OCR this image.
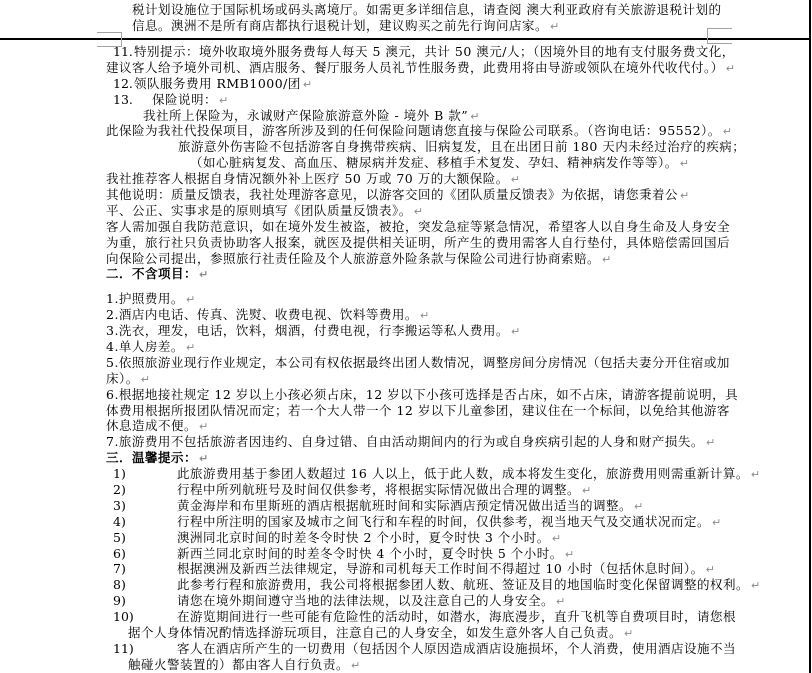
税计划设施位于国际机场或码头离境厅。如需更多详细信息，请查阅 澳大利亚政府有关旅游退税计划的
信息。澳洲不是所有商店都执行退税计划，建议购买之前先行询问店家。 ↵
11.特别提示：境外收取境外服务费每人每天 5 澳元，共计 50 澳元/人；（因境外目的地有支付服务费文化，
建议客人给予境外司机、酒店服务、餐厅服务人员礼节性服务费，此费用将由导游或领队在境外代收代付。） ↵
12.领队服务费用 RMB1000/团 ↵
13. 保险说明： ↵
我社所上保险为，永诚财产保险旅游意外险 - 境外 B 款” ↵
此保险为我社代投保项目，游客所涉及到的任何保险问题请您直接与保险公司联系。（咨询电话：95552）。 ↵
旅游意外伤害险不包括游客自身携带疾病、旧病复发，且在出团日前 180 天内未经过治疗的疾病；
（如心脏病复发、高血压、糖尿病并发症、移植手术复发、孕妇、精神病发作等等）。 ↵
我社推荐客人根据自身情况额外补上医疗 50 万或 70 万的大额保险。 ↵
其他说明：质量反馈表，我社处理游客意见，以游客交回的《团队质量反馈表》为依据，请您秉着公 ↵
平、公正、实事求是的原则填写《团队质量反馈表》。 ↵
客人需加强自我防范意识，如在境外发生被盗，被抢，突发急症等紧急情况，希望客人以自身生命及人身安全
为重，旅行社只负责协助客人报案，就医及提供相关证明，所产生的费用需客人自行垫付，具体赔偿需回国后
向保险公司提出，参照旅行社责任险及个人旅游意外险条款与保险公司进行协商索赔。 ↵
二．不含项目： ↵
1.护照费用。 ↵
2.酒店内电话、传真、洗熨、收费电视、饮料等费用。 ↵
3.洗衣，理发，电话，饮料，烟酒，付费电视，行李搬运等私人费用。 ↵
4.单人房差。 ↵
5.依照旅游业现行作业规定，本公司有权依据最终出团人数情况，调整房间分房情况（包括夫妻分开住宿或加
床）。 ↵
6.根据地接社规定 12 岁以上小孩必须占床，12 岁以下小孩可选择是否占床，如不占床，请游客提前说明，具
体费用根据所报团队情况而定；若一个大人带一个 12 岁以下儿童参团，建议住在一个标间，以免给其他游客
休息造成不便。 ↵
7.旅游费用不包括旅游者因违约、自身过错、自由活动期间内的行为或自身疾病引起的人身和财产损失。 ↵
三．温馨提示： ↵
1)	此旅游费用基于参团人数超过 16 人以上，低于此人数，成本将发生变化，旅游费用则需重新计算。 ↵
2)	行程中所列航班号及时间仅供参考，将根据实际情况做出合理的调整。 ↵
3)	黄金海岸和布里斯班的酒店根据航班时间和实际酒店预定情况做出适当的调整。 ↵
4)	行程中所注明的国家及城市之间飞行和车程的时间，仅供参考，视当地天气及交通状况而定。 ↵
5)	澳洲同北京时间的时差冬令时快 2 个小时，夏令时快 3 个小时。 ↵
6)	新西兰同北京时间的时差冬令时快 4 个小时，夏令时快 5 个小时。 ↵
7)	根据澳洲及新西兰法律规定，导游和司机每天工作时间不得超过 10 小时（包括休息时间）。 ↵
8)	此参考行程和旅游费用，我公司将根据参团人数、航班、签证及目的地国临时变化保留调整的权利。 ↵
9)	请您在境外期间遵守当地的法律法规，以及注意自己的人身安全。 ↵
10)	在游览期间进行一些可能有危险性的活动时，如潜水，海底漫步，直升飞机等自费项目时，请您根
据个人身体情况酌情选择游玩项目，注意自己的人身安全，如发生意外客人自己负责。 ↵
11)	客人在酒店所产生的一切费用（包括因个人原因造成酒店设施损坏，个人消费，使用酒店设施不当
触碰火警装置的）都由客人自行负责。 ↵
